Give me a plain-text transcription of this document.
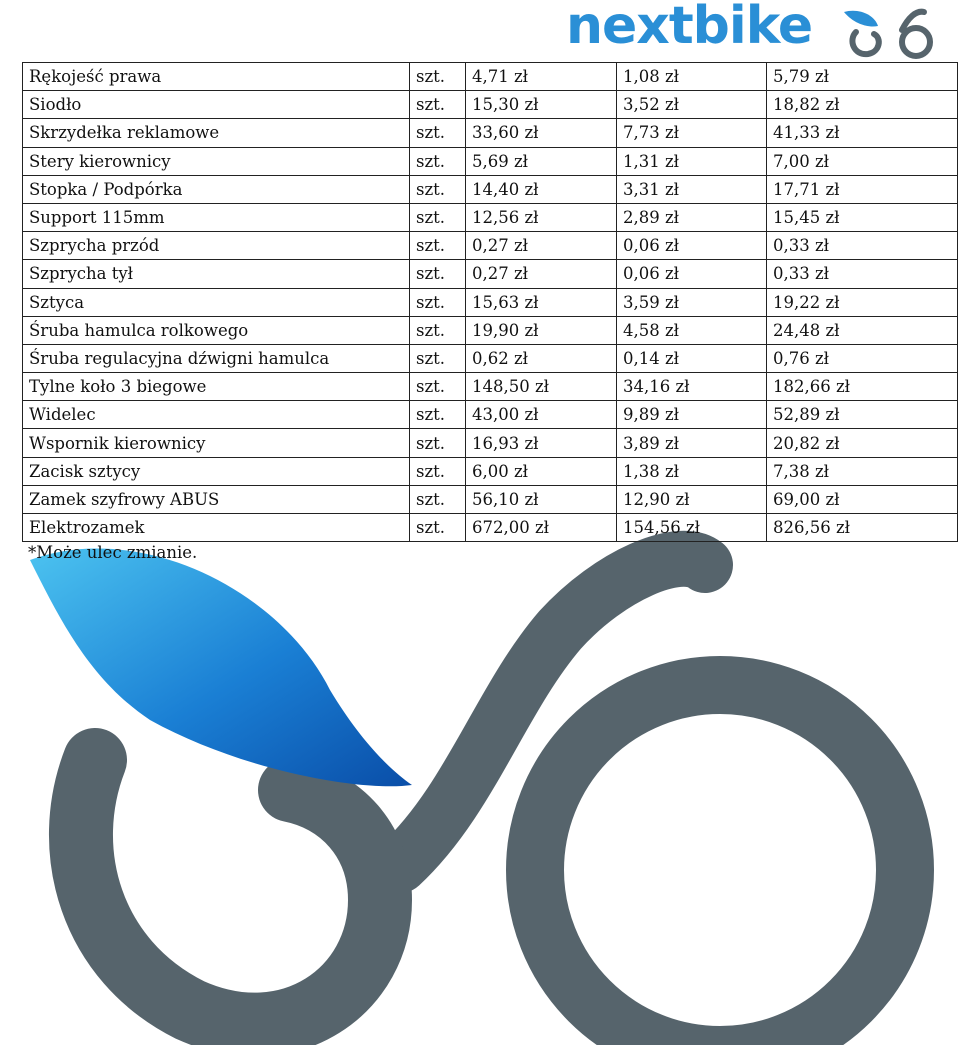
nextbike
Rękojeść prawa	szt.	4,71 zł	1,08 zł	5,79 zł
Siodło	szt.	15,30 zł	3,52 zł	18,82 zł
Skrzydełka reklamowe	szt.	33,60 zł	7,73 zł	41,33 zł
Stery kierownicy	szt.	5,69 zł	1,31 zł	7,00 zł
Stopka / Podpórka	szt.	14,40 zł	3,31 zł	17,71 zł
Support 115mm	szt.	12,56 zł	2,89 zł	15,45 zł
Szprycha przód	szt.	0,27 zł	0,06 zł	0,33 zł
Szprycha tył	szt.	0,27 zł	0,06 zł	0,33 zł
Sztyca	szt.	15,63 zł	3,59 zł	19,22 zł
Śruba hamulca rolkowego	szt.	19,90 zł	4,58 zł	24,48 zł
Śruba regulacyjna dźwigni hamulca	szt.	0,62 zł	0,14 zł	0,76 zł
Tylne koło 3 biegowe	szt.	148,50 zł	34,16 zł	182,66 zł
Widelec	szt.	43,00 zł	9,89 zł	52,89 zł
Wspornik kierownicy	szt.	16,93 zł	3,89 zł	20,82 zł
Zacisk sztycy	szt.	6,00 zł	1,38 zł	7,38 zł
Zamek szyfrowy ABUS	szt.	56,10 zł	12,90 zł	69,00 zł
Elektrozamek	szt.	672,00 zł	154,56 zł	826,56 zł
*Może ulec zmianie.
